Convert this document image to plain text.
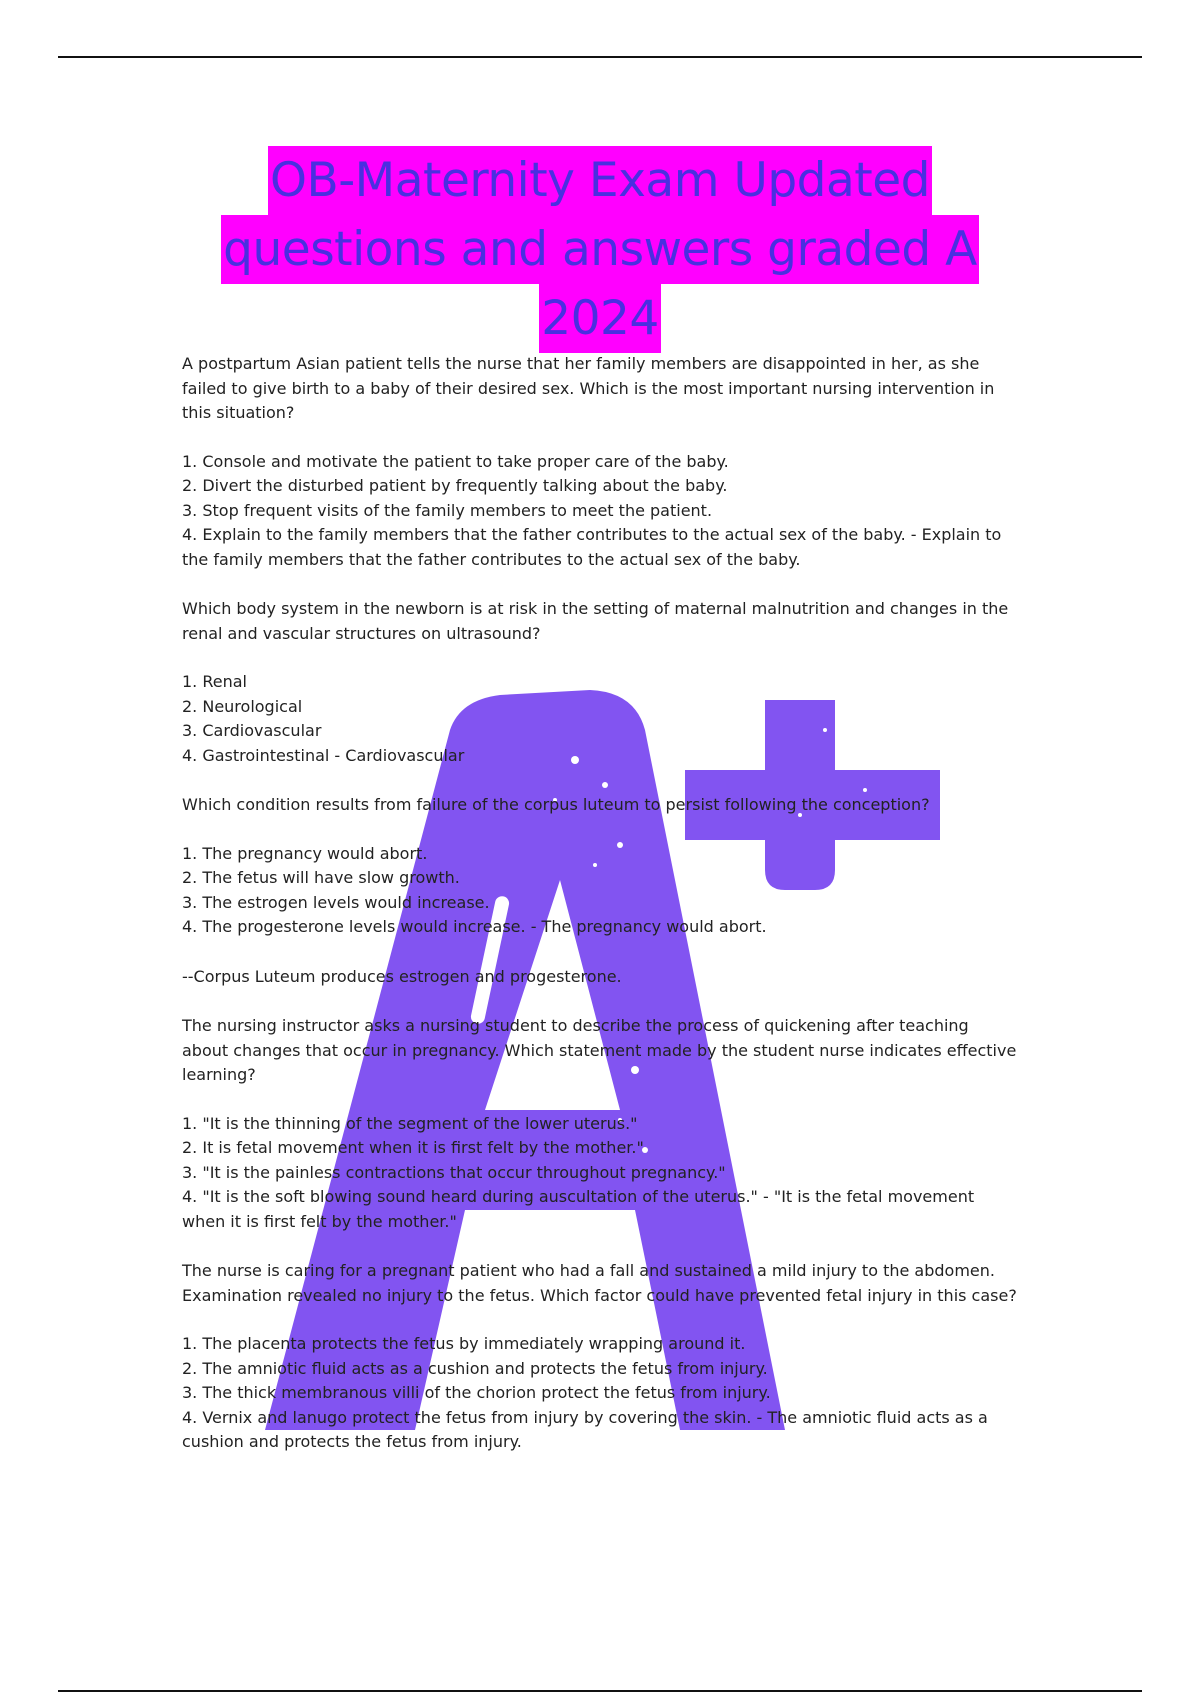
OB-Maternity Exam Updated
questions and answers graded A
2024

A postpartum Asian patient tells the nurse that her family members are disappointed in her, as she failed to give birth to a baby of their desired sex. Which is the most important nursing intervention in this situation?

1. Console and motivate the patient to take proper care of the baby.

2. Divert the disturbed patient by frequently talking about the baby.

3. Stop frequent visits of the family members to meet the patient.

4. Explain to the family members that the father contributes to the actual sex of the baby. - Explain to the family members that the father contributes to the actual sex of the baby.

Which body system in the newborn is at risk in the setting of maternal malnutrition and changes in the renal and vascular structures on ultrasound?

1. Renal

2. Neurological

3. Cardiovascular

4. Gastrointestinal - Cardiovascular

Which condition results from failure of the corpus luteum to persist following the conception?

1. The pregnancy would abort.

2. The fetus will have slow growth.

3. The estrogen levels would increase.

4. The progesterone levels would increase. - The pregnancy would abort.

--Corpus Luteum produces estrogen and progesterone.

The nursing instructor asks a nursing student to describe the process of quickening after teaching about changes that occur in pregnancy. Which statement made by the student nurse indicates effective learning?

1. "It is the thinning of the segment of the lower uterus."

2. It is fetal movement when it is first felt by the mother."

3. "It is the painless contractions that occur throughout pregnancy."

4. "It is the soft blowing sound heard during auscultation of the uterus." - "It is the fetal movement when it is first felt by the mother."

The nurse is caring for a pregnant patient who had a fall and sustained a mild injury to the abdomen. Examination revealed no injury to the fetus. Which factor could have prevented fetal injury in this case?

1. The placenta protects the fetus by immediately wrapping around it.

2. The amniotic fluid acts as a cushion and protects the fetus from injury.

3. The thick membranous villi of the chorion protect the fetus from injury.

4. Vernix and lanugo protect the fetus from injury by covering the skin. - The amniotic fluid acts as a cushion and protects the fetus from injury.
